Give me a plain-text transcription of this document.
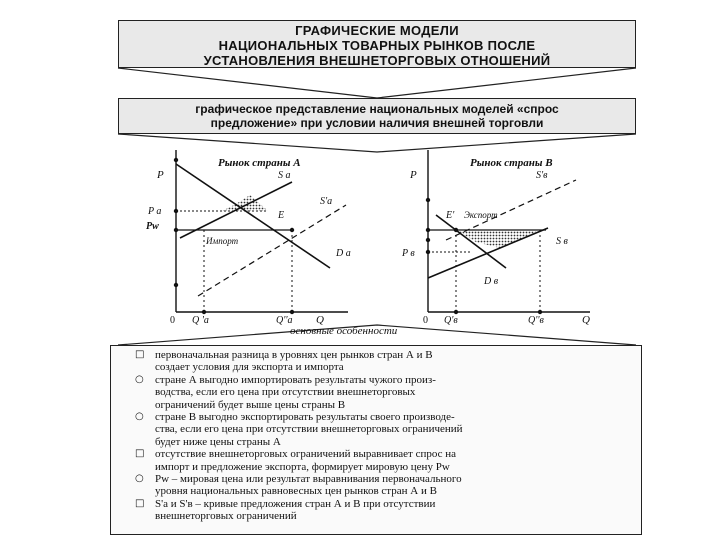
ГРАФИЧЕСКИЕ МОДЕЛИ
НАЦИОНАЛЬНЫХ ТОВАРНЫХ РЫНКОВ ПОСЛЕ
УСТАНОВЛЕНИЯ ВНЕШНЕТОРГОВЫХ ОТНОШЕНИЙ
графическое представление национальных моделей «спрос
предложение» при условии наличия внешней торговли
Рынок страны А
P	S а
S'а
P а
Pw
E
Импорт
D а
0 Q 'а	Q''а Q
Рынок страны В
P	S'в
E' Экспорт
S в
P в
D в
0 Q'в	Q''в	Q
основные особенности
□ первоначальная разница в уровнях цен рынков стран А и В
создает условия для экспорта и импорта
○ стране А выгодно импортировать результаты чужого произ-
водства, если его цена при отсутствии внешнеторговых
ограничений будет выше цены страны В
○ стране В выгодно экспортировать результаты своего производе-
ства, если его цена при отсутствии внешнеторговых ограничений
будет ниже цены страны А
□ отсутствие внешнеторговых ограничений выравнивает спрос на
импорт и предложение экспорта, формирует мировую цену Pw
○ Pw – мировая цена или результат выравнивания первоначального
уровня национальных равновесных цен рынков стран А и В
□ S'а и S'в – кривые предложения стран А и В при отсутствии
внешнеторговых ограничений
